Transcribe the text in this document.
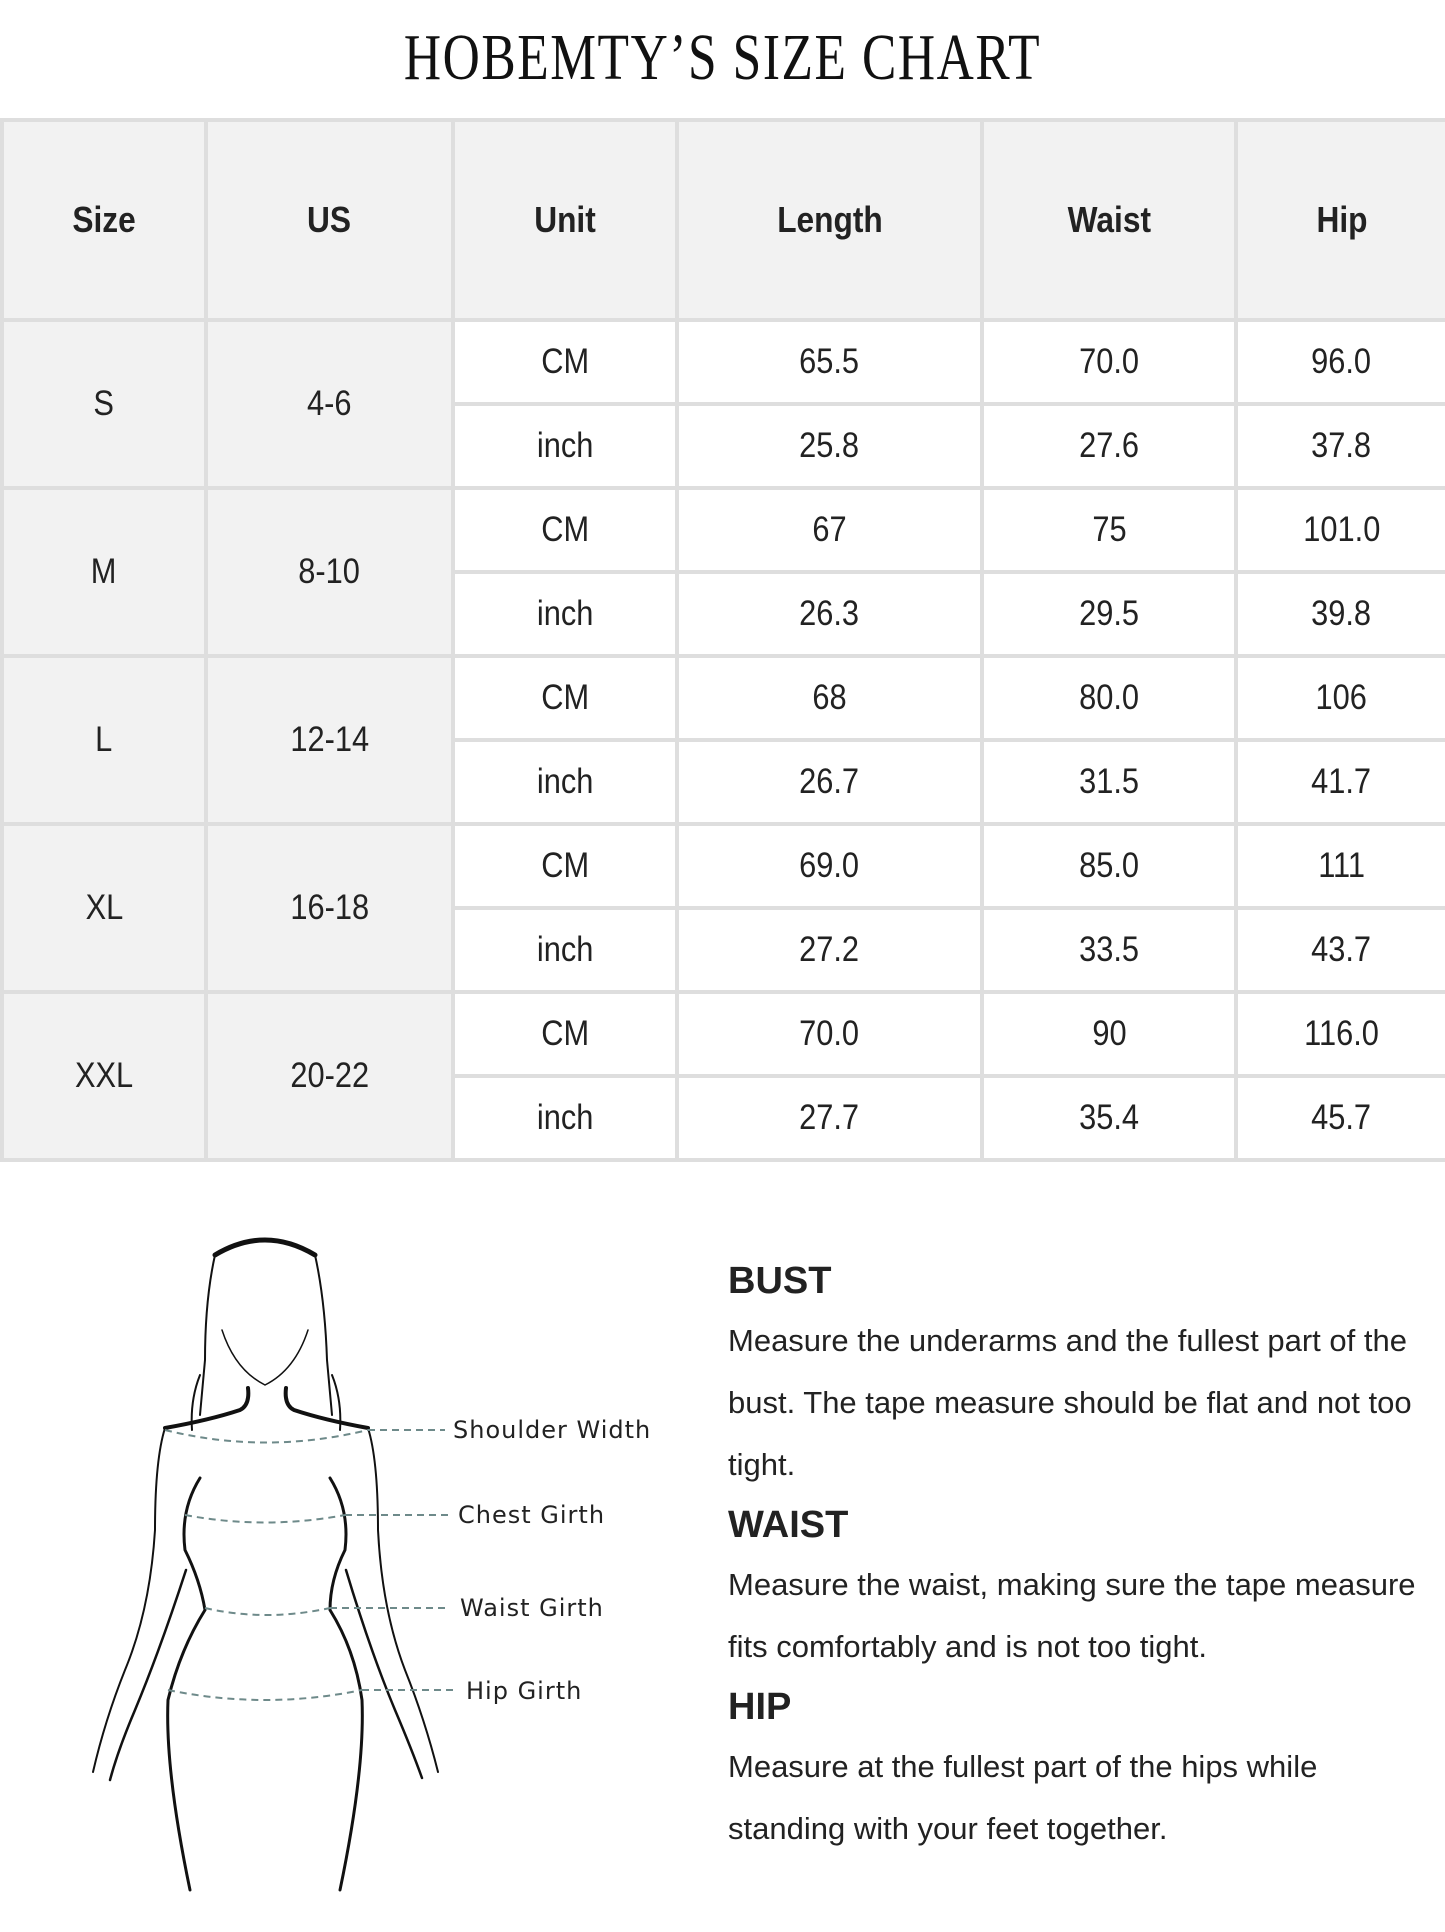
HOBEMTY’S SIZE CHART
Size	US	Unit	Length	Waist	Hip
S	4-6	CM	65.5	70.0	96.0
		inch	25.8	27.6	37.8
M	8-10	CM	67	75	101.0
		inch	26.3	29.5	39.8
L	12-14	CM	68	80.0	106
		inch	26.7	31.5	41.7
XL	16-18	CM	69.0	85.0	111
		inch	27.2	33.5	43.7
XXL	20-22	CM	70.0	90	116.0
		inch	27.7	35.4	45.7
Shoulder Width
Chest Girth
Waist Girth
Hip Girth
BUST

Measure the underarms and the fullest part of the bust. The tape measure should be flat and not too tight.

WAIST

Measure the waist, making sure the tape measure fits comfortably and is not too tight.

HIP

Measure at the fullest part of the hips while standing with your feet together.
